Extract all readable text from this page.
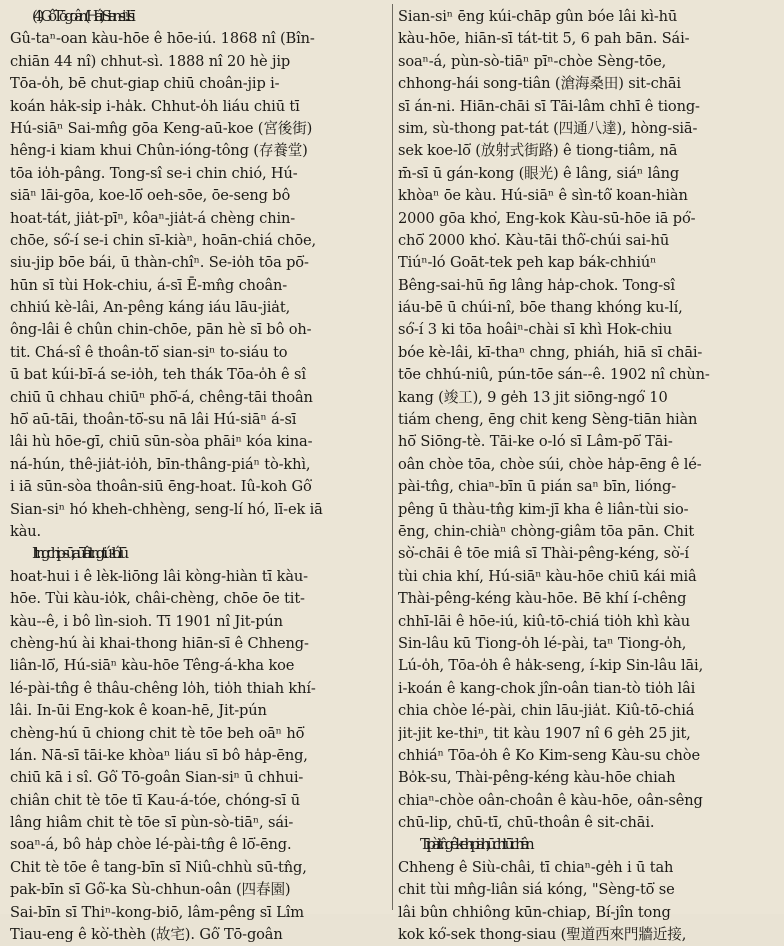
(4) Gô͘ Tō-goân (Hái) Sian-siⁿ. I sī
Gû-taⁿ-oan kàu-hōe ê hōe-iú. 1868 nî (Bîn-
chiān 44 nî) chhut-sì. 1888 nî 20 hè jip
Tōa-o̍h, bē chut-giap chiū choân-jip i-
koán ha̍k-si̍p i-ha̍k. Chhut-o̍h liáu chiū tī
Hú-siāⁿ Sai-mn̂g gōa Keng-aū-koe (宮後街)
hêng-i kiam khui Chûn-ióng-tông (存養堂)
tōa io̍h-pâng. Tong-sî se-i chin chió, Hú-
siāⁿ lāi-gōa, koe-lō͘ oeh-sōe, ōe-seng bô
hoat-tát, jia̍t-pīⁿ, kôaⁿ-jia̍t-á chèng chin-
chōe, só͘-í se-i chin sī-kiàⁿ, hoān-chiá chōe,
siu-jip bōe bái, ū thàn-chîⁿ. Se-io̍h tōa pō͘-
hūn sī tùi Hok-chiu, á-sī Ē-mn̂g choân-
chhiú kè-lâi, An-pêng káng iáu lāu-jia̍t,
ông-lâi ê chûn chin-chōe, pān hè sī bô oh-
tit. Chá-sî ê thoân-tō͘ sian-siⁿ to-siáu to
ū bat kúi-bī-á se-io̍h, teh thák Tōa-o̍h ê sî
chiū ū chhau chiūⁿ phō͘-á, chêng-tāi thoân
hō͘ aū-tāi, thoân-tō͘-su nā lâi Hú-siāⁿ á-sī
lâi hù hōe-gī, chiū sūn-sòa phāiⁿ kóa kina-
ná-hún, thê-jia̍t-io̍h, bīn-thâng-piáⁿ tò-khì,
i iā sūn-sòa thoân-siū ēng-hoat. Iû-koh Gô͘
Sian-siⁿ hó kheh-chhèng, seng-lí hó, lī-ek iā
kàu.
I tng chip-sū, aū-lâi tng tiúⁿ-ló. I ū
hoat-hui i ê lèk-liōng lâi kòng-hiàn tī kàu-
hōe. Tùi kàu-io̍k, châi-chèng, chōe ōe tit-
kàu--ê, i bô lìn-sioh. Tī 1901 nî Jit-pún
chèng-hú ài khai-thong hiān-sī ê Chheng-
liân-lō͘, Hú-siāⁿ kàu-hōe Têng-á-kha koe
lé-pài-tn̂g ê thâu-chêng lo̍h, tio̍h thiah khí-
lâi. In-ūi Eng-kok ê koan-hē, Jit-pún
chèng-hú ū chiong chit tè tōe beh oāⁿ hō͘
lán. Nā-sī tāi-ke khòaⁿ liáu sī bô ha̍p-ēng,
chiū kā i sî. Gô͘ Tō-goân Sian-siⁿ ū chhui-
chiân chit tè tōe tī Kau-á-tóe, chóng-sī ū
lâng hiâm chit tè tōe sī pùn-sò-tiāⁿ, sái-
soaⁿ-á, bô ha̍p chòe lé-pài-tn̂g ê lō͘-ēng.
Chit tè tōe ê tang-bīn sī Niû-chhù sū-tn̂g,
pak-bīn sī Gô͘-ka Sù-chhun-oân (四春園)
Sai-bīn sī Thiⁿ-kong-biō, lâm-pêng sī Lîm
Tiau-eng ê kò͘-thèh (故宅). Gô͘ Tō-goân
Sian-siⁿ ēng kúi-chāp gûn bóe lâi kì-hū
kàu-hōe, hiān-sī tát-tit 5, 6 pah bān. Sái-
soaⁿ-á, pùn-sò-tiāⁿ pīⁿ-chòe Sèng-tōe,
chhong-hái song-tiân (滄海桑田) sit-chāi
sī án-ni. Hiān-chāi sī Tāi-lâm chhī ê tiong-
sim, sù-thong pat-tát (四通八達), hòng-siā-
sek koe-lō͘ (放射式街路) ê tiong-tiâm, nā
m̄-sī ū gán-kong (眼光) ê lâng, siáⁿ lâng
khòaⁿ ōe kàu. Hú-siāⁿ ê sìn-tô͘ koan-hiàn
2000 gōa kho͘, Eng-kok Kàu-sū-hōe iā pó͘-
chō͘ 2000 kho͘. Kàu-tāi thô͘-chúi sai-hū
Tiúⁿ-ló Goāt-tek peh kap bák-chhiúⁿ
Bêng-sai-hū n̄g lâng ha̍p-chok. Tong-sî
iáu-bē ū chúi-nî, bōe thang khóng ku-lí,
só͘-í 3 ki tōa hoâiⁿ-chài sī khì Hok-chiu
bóe kè-lâi, kī-thaⁿ chng, phiáh, hiā sī chāi-
tōe chhú-niû, pún-tōe sán--ê. 1902 nî chùn-
kang (竣工), 9 ge̍h 13 jit siōng-ngó͘ 10
tiám cheng, ēng chit keng Sèng-tiān hiàn
hō͘ Siōng-tè. Tāi-ke o-ló sī Lâm-pō͘ Tāi-
oân chòe tōa, chòe súi, chòe ha̍p-ēng ê lé-
pài-tn̂g, chiaⁿ-bīn ū pián saⁿ bīn, lióng-
pêng ū thàu-tn̂g kim-jī kha ê liân-tùi sio-
ēng, chin-chiàⁿ chòng-giâm tōa pān. Chit
sò͘-chāi ê tōe miâ sī Thài-pêng-kéng, sò͘-í
tùi chia khí, Hú-siāⁿ kàu-hōe chiū kái miâ
Thài-pêng-kéng kàu-hōe. Bē khí í-chêng
chhī-lāi ê hōe-iú, kiû-tō-chiá tio̍h khì kàu
Sin-lâu kū Tiong-o̍h lé-pài, taⁿ Tiong-o̍h,
Lú-o̍h, Tōa-o̍h ê ha̍k-seng, í-kip Sin-lâu lāi,
i-koán ê kang-chok jîn-oân tian-tò tio̍h lâi
chia chòe lé-pài, chin lāu-jia̍t. Kiû-tō-chiá
jit-jit ke-thiⁿ, tit kàu 1907 nî 6 ge̍h 25 jit,
chhiáⁿ Tōa-o̍h ê Ko Kim-seng Kàu-su chòe
Bo̍k-su, Thài-pêng-kéng kàu-hōe chiah
chiaⁿ-chòe oân-choân ê kàu-hōe, oân-sêng
chū-lip, chū-tī, chū-thoân ê sit-chāi.
Tī pài-tn̂g ê keh-piah, ū chit ūi chiân
Chheng ê Siù-châi, tī chiaⁿ-ge̍h i ū tah
chit tùi mn̂g-liân siá kóng, "Sèng-tō͘ se
lâi bûn chhiông kūn-chiap, Bí-jîn tong
kok kó͘-sek thong-siau (聖道西來門牆近接,
